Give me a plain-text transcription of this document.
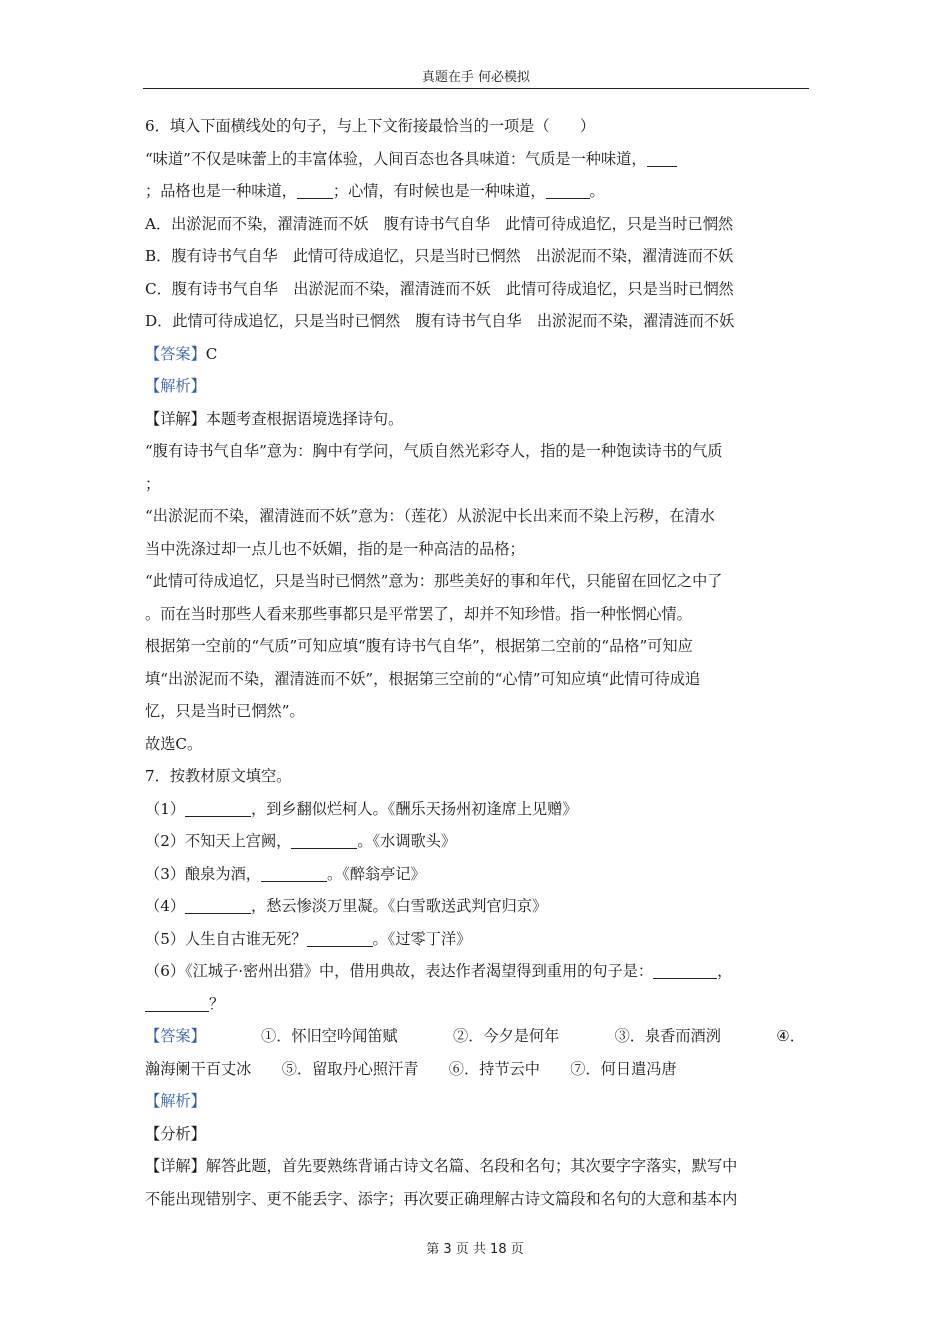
真题在手 何必模拟
6．填入下面横线处的句子，与上下文衔接最恰当的一项是（　　）
“味道”不仅是味蕾上的丰富体验，人间百态也各具味道：气质是一种味道，
；品格也是一种味道， ；心情，有时候也是一种味道，	。
A．出淤泥而不染，濯清涟而不妖　腹有诗书气自华　此情可待成追忆，只是当时已惘然
B．腹有诗书气自华　此情可待成追忆，只是当时已惘然　出淤泥而不染，濯清涟而不妖
C．腹有诗书气自华　出淤泥而不染，濯清涟而不妖　此情可待成追忆，只是当时已惘然
D．此情可待成追忆，只是当时已惘然　腹有诗书气自华　出淤泥而不染，濯清涟而不妖
【答案】C
【解析】
【详解】本题考查根据语境选择诗句。
“腹有诗书气自华”意为：胸中有学问，气质自然光彩夺人，指的是一种饱读诗书的气质
；
“出淤泥而不染，濯清涟而不妖”意为：（莲花）从淤泥中长出来而不染上污秽，在清水
当中洗涤过却一点儿也不妖媚，指的是一种高洁的品格；
“此情可待成追忆，只是当时已惘然”意为：那些美好的事和年代，只能留在回忆之中了
。而在当时那些人看来那些事都只是平常罢了，却并不知珍惜。指一种怅惘心情。
根据第一空前的“气质”可知应填“腹有诗书气自华”，根据第二空前的“品格”可知应
填“出淤泥而不染，濯清涟而不妖”，根据第三空前的“心情”可知应填“此情可待成追
忆，只是当时已惘然”。
故选C。
7．按教材原文填空。
（1）	，到乡翻似烂柯人。《酬乐天扬州初逢席上见赠》
（2）不知天上宫阙，	。《水调歌头》
（3）酿泉为酒，	。《醉翁亭记》
（4）	，愁云惨淡万里凝。《白雪歌送武判官归京》
（5）人生自古谁无死？	。《过零丁洋》
（6）《江城子·密州出猎》中，借用典故，表达作者渴望得到重用的句子是：	，
？
【答案】	①．怀旧空吟闻笛赋	②．今夕是何年	③．泉香而酒洌	④．
瀚海阑干百丈冰　　⑤．留取丹心照汗青　　⑥．持节云中　　⑦．何日遣冯唐
【解析】
【分析】
【详解】解答此题，首先要熟练背诵古诗文名篇、名段和名句；其次要字字落实，默写中
不能出现错别字、更不能丢字、添字；再次要正确理解古诗文篇段和名句的大意和基本内
第 3 页 共 18 页
